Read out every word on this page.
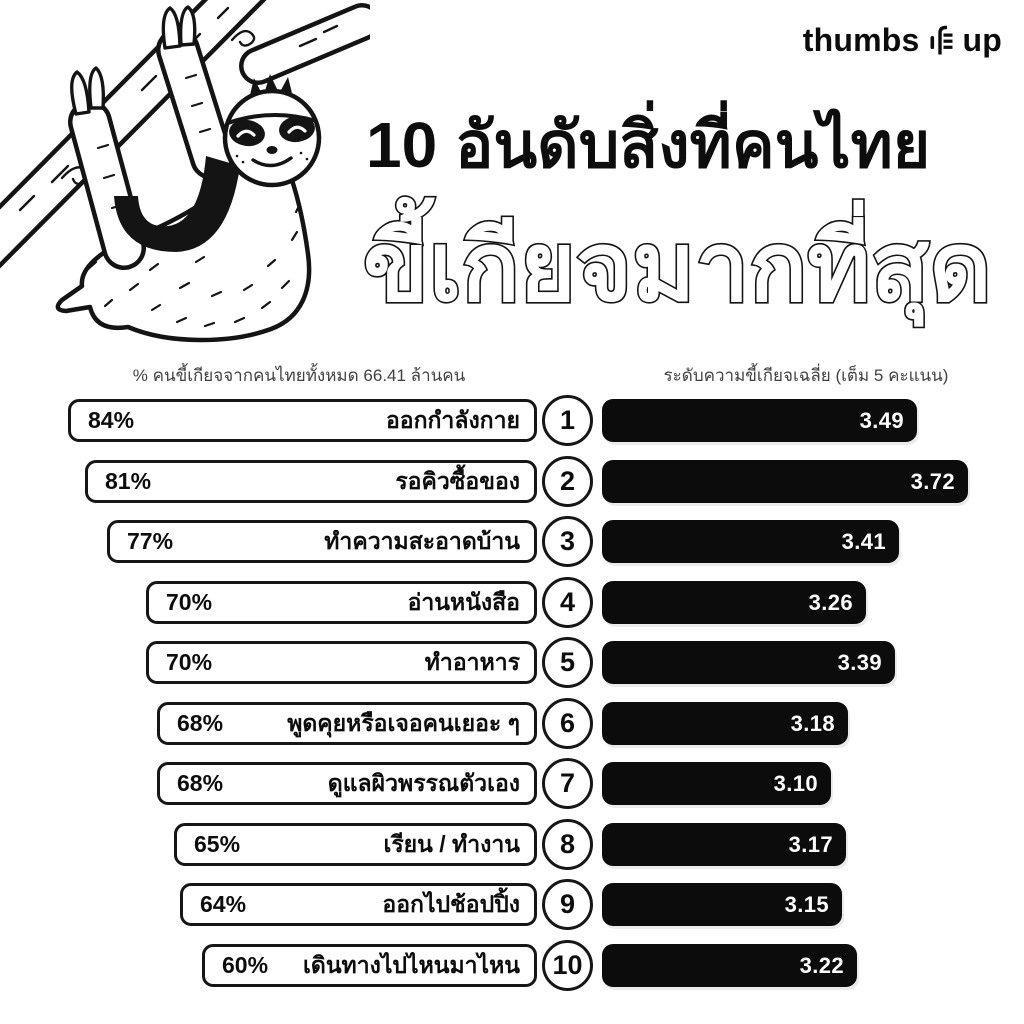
thumbs up
10 อันดับสิ่งที่คนไทย
ขี้เกียจมากที่สุด
% คนขี้เกียจจากคนไทยทั้งหมด 66.41 ล้านคน	ระดับความขี้เกียจเฉลี่ย (เต็ม 5 คะแนน)
84%	ออกกำลังกาย	1	3.49
81%	รอคิวซื้อของ	2	3.72
77%	ทำความสะอาดบ้าน	3	3.41
70%	อ่านหนังสือ	4	3.26
70%	ทำอาหาร	5	3.39
68%	พูดคุยหรือเจอคนเยอะ ๆ	6	3.18
68%	ดูแลผิวพรรณตัวเอง	7	3.10
65%	เรียน / ทำงาน	8	3.17
64%	ออกไปช้อปปิ้ง	9	3.15
60% เดินทางไปไหนมาไหน	10	3.22
